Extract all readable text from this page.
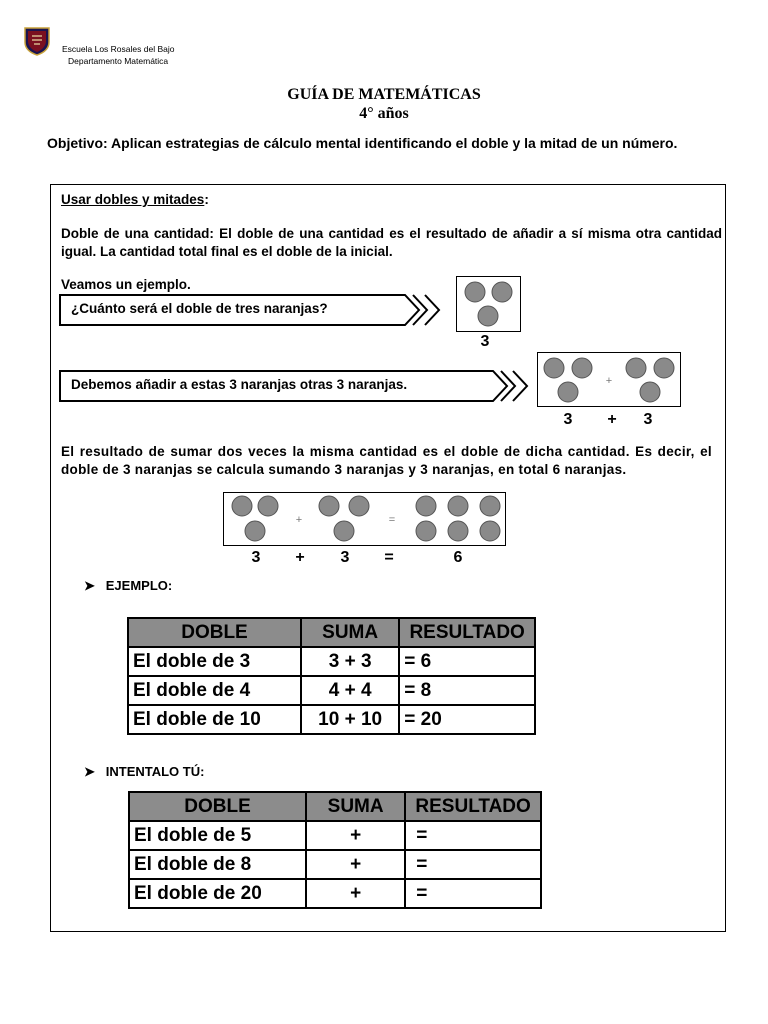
Escuela Los Rosales del Bajo
Departamento Matemática
GUÍA DE MATEMÁTICAS
4° años
Objetivo: Aplican estrategias de cálculo mental identificando el doble y la mitad de un número.
Usar dobles y mitades:
Doble de una cantidad: El doble de una cantidad es el resultado de añadir a sí misma otra cantidad igual. La cantidad total final es el doble de la inicial.
Veamos un ejemplo.
¿Cuánto será el doble de tres naranjas?
3
Debemos añadir a estas 3 naranjas otras 3 naranjas.	+
3	+	3
El resultado de sumar dos veces la misma cantidad es el doble de dicha cantidad. Es decir, el doble de 3 naranjas se calcula sumando 3 naranjas y 3 naranjas, en total 6 naranjas.
+	=
3	+	3	=	6
➤ EJEMPLO:
DOBLE	SUMA	RESULTADO
El doble de 3	3 + 3	= 6
El doble de 4	4 + 4	= 8
El doble de 10	10 + 10	= 20
➤ INTENTALO TÚ:
DOBLE	SUMA	RESULTADO
El doble de 5	+	=
El doble de 8	+	=
El doble de 20	+	=
